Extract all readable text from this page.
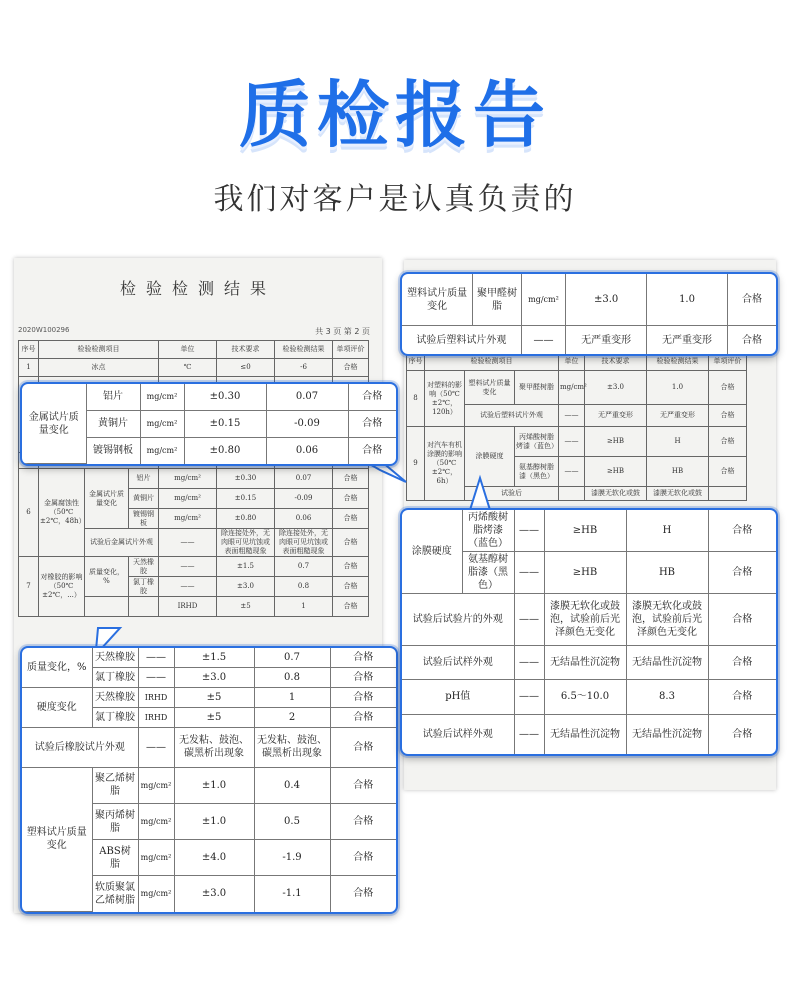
质检报告
我们对客户是认真负责的
检验检测结果
2020W100296	共 3 页 第 2 页
序号	检验检测项目			单位	技术要求	检验检测结果	单项评价
1	冰点			℃	≤0	-6	合格

6	金属腐蚀性（50℃±2℃，48h）	金属试片质量变化	铝片	mg/cm²	±0.30	0.07	合格
			黄铜片	mg/cm²	±0.15	-0.09	合格
			镀锡钢板	mg/cm²	±0.80	0.06	合格
		试验后金属试片外观		——	除连接处外，无肉眼可见坑蚀或表面粗糙现象	除连接处外，无肉眼可见坑蚀或表面粗糙现象	合格
7	对橡胶的影响（50℃±2℃，...）	质量变化，%	天然橡胶	——	±1.5	0.7	合格
			氯丁橡胶	——	±3.0	0.8	合格
				IRHD	±5	1	合格
序号	检验检测项目			单位	技术要求	检验检测结果	单项评价
8	对塑料的影响（50℃±2℃，120h）	塑料试片质量变化	聚甲醛树脂	mg/cm²	±3.0	1.0	合格
		试验后塑料试片外观		——	无严重变形	无严重变形	合格
9	对汽车有机涂膜的影响（50℃±2℃，6h）	涂膜硬度	丙烯酸树脂烤漆（蓝色）	——	≥HB	H	合格
			氨基醇树脂漆（黑色）	——	≥HB	HB	合格
		试验后			漆膜无软化或鼓	漆膜无软化或鼓	
金属试片质量变化	铝片	mg/cm²	±0.30	0.07	合格
	黄铜片	mg/cm²	±0.15	-0.09	合格
	镀锡钢板	mg/cm²	±0.80	0.06	合格
质量变化，%	天然橡胶	——	±1.5	0.7	合格
	氯丁橡胶	——	±3.0	0.8	合格
硬度变化	天然橡胶	IRHD	±5	1	合格
	氯丁橡胶	IRHD	±5	2	合格
试验后橡胶试片外观		——	无发粘、鼓泡、碳黑析出现象	无发粘、鼓泡、碳黑析出现象	合格
塑料试片质量变化	聚乙烯树脂	mg/cm²	±1.0	0.4	合格
	聚丙烯树脂	mg/cm²	±1.0	0.5	合格
	ABS树脂	mg/cm²	±4.0	-1.9	合格
	软质聚氯乙烯树脂	mg/cm²	±3.0	-1.1	合格
塑料试片质量变化	聚甲醛树脂	mg/cm²	±3.0	1.0	合格
试验后塑料试片外观		——	无严重变形	无严重变形	合格
涂膜硬度	丙烯酸树脂烤漆（蓝色）	——	≥HB	H	合格
	氨基醇树脂漆（黑色）	——	≥HB	HB	合格
试验后试验片的外观		——	漆膜无软化或鼓泡，试验前后光泽颜色无变化	漆膜无软化或鼓泡，试验前后光泽颜色无变化	合格
试验后试样外观		——	无结晶性沉淀物	无结晶性沉淀物	合格
pH值		——	6.5～10.0	8.3	合格
试验后试样外观		——	无结晶性沉淀物	无结晶性沉淀物	合格
